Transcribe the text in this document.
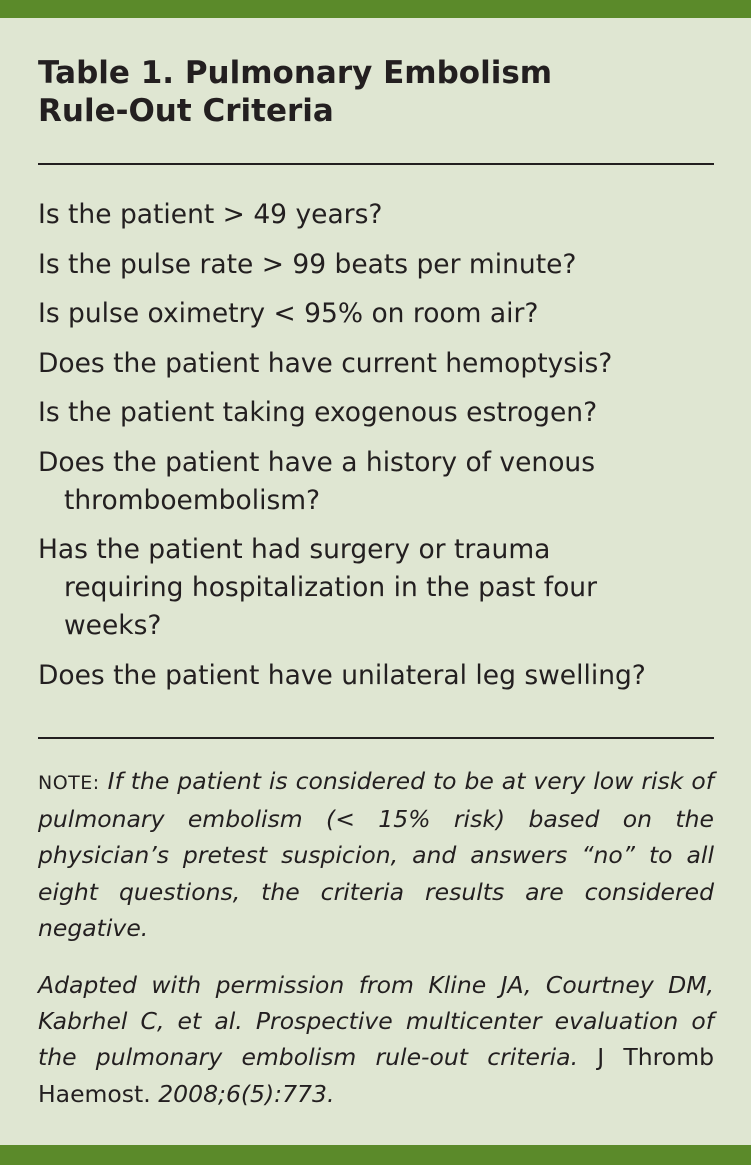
Table 1. Pulmonary Embolism
Rule-Out Criteria
Is the patient > 49 years?
Is the pulse rate > 99 beats per minute?
Is pulse oximetry < 95% on room air?
Does the patient have current hemoptysis?
Is the patient taking exogenous estrogen?
Does the patient have a history of venous
thromboembolism?
Has the patient had surgery or trauma
requiring hospitalization in the past four
weeks?
Does the patient have unilateral leg swelling?

NOTE: If the patient is considered to be at very low risk of pulmonary embolism (< 15% risk) based on the physician’s pretest suspicion, and answers “no” to all eight questions, the criteria results are considered negative.

Adapted with permission from Kline JA, Courtney DM, Kabrhel C, et al. Prospective multicenter evaluation of the pulmonary embolism rule-out criteria. J Thromb Haemost. 2008;6(5):773.
